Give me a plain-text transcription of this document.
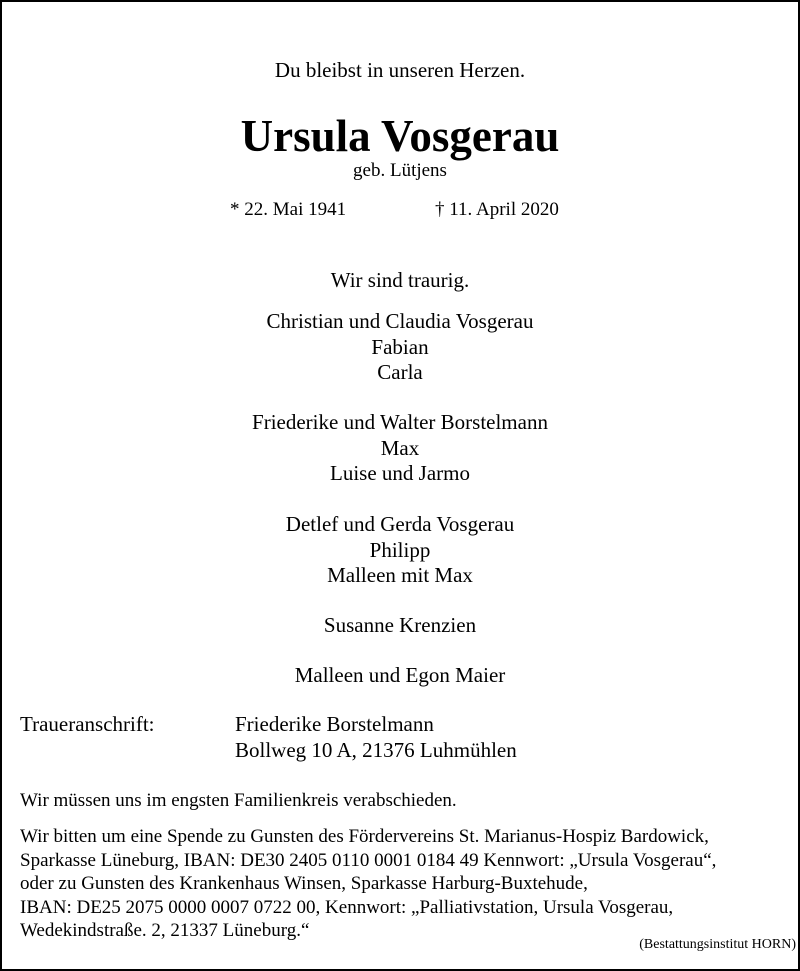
Du bleibst in unseren Herzen.
Ursula Vosgerau
geb. Lütjens
* 22. Mai 1941	† 11. April 2020
Wir sind traurig.
Christian und Claudia Vosgerau
Fabian
Carla
Friederike und Walter Borstelmann
Max
Luise und Jarmo
Detlef und Gerda Vosgerau
Philipp
Malleen mit Max
Susanne Krenzien
Malleen und Egon Maier
Traueranschrift:	Friederike Borstelmann
Bollweg 10 A, 21376 Luhmühlen
Wir müssen uns im engsten Familienkreis verabschieden.
Wir bitten um eine Spende zu Gunsten des Fördervereins St. Marianus-Hospiz Bardowick,
Sparkasse Lüneburg, IBAN: DE30 2405 0110 0001 0184 49 Kennwort: „Ursula Vosgerau“,
oder zu Gunsten des Krankenhaus Winsen, Sparkasse Harburg-Buxtehude,
IBAN: DE25 2075 0000 0007 0722 00, Kennwort: „Palliativstation, Ursula Vosgerau,
Wedekindstraße. 2, 21337 Lüneburg.“
(Bestattungsinstitut HORN)
